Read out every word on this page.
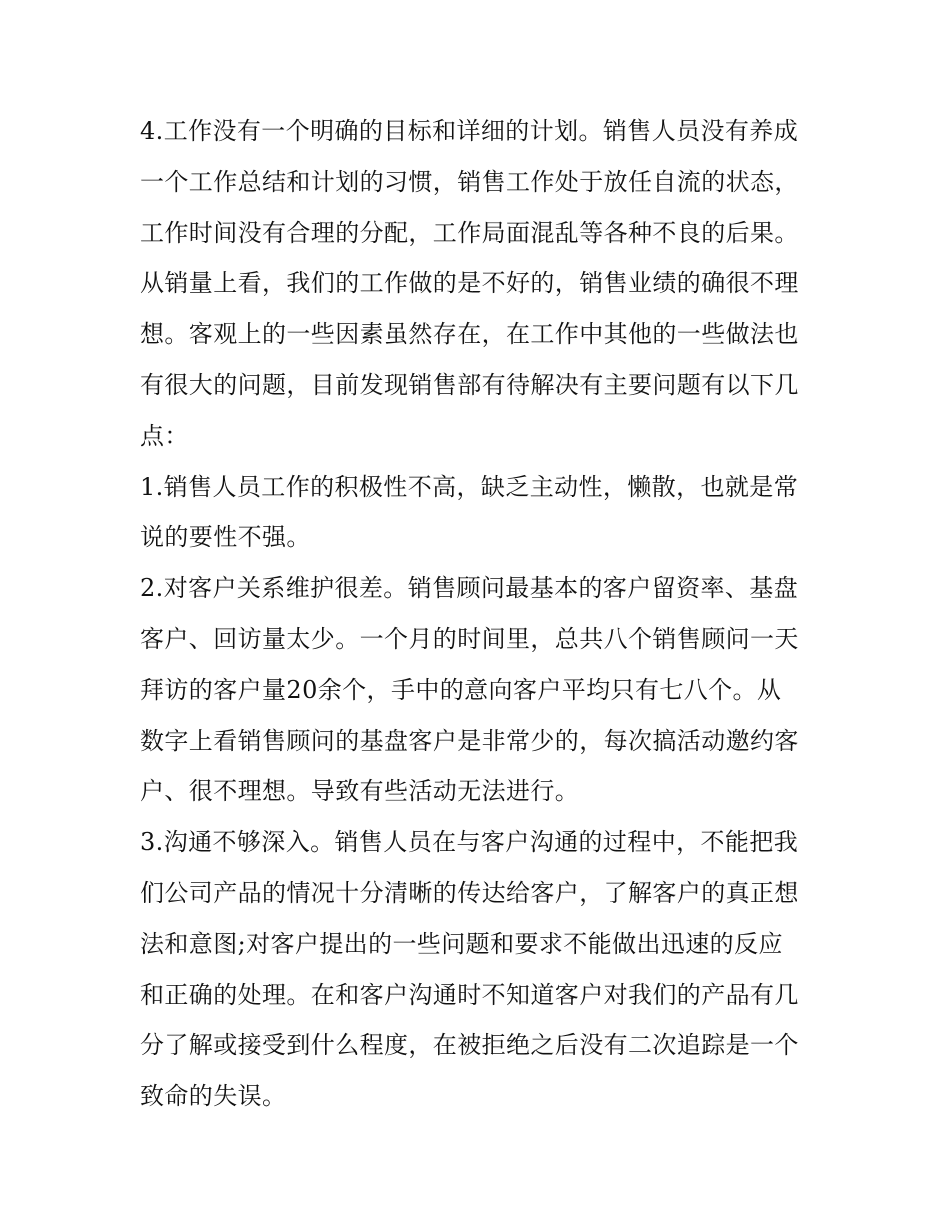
4.工作没有一个明确的目标和详细的计划。销售人员没有养成
一个工作总结和计划的习惯，销售工作处于放任自流的状态，
工作时间没有合理的分配，工作局面混乱等各种不良的后果。
从销量上看，我们的工作做的是不好的，销售业绩的确很不理
想。客观上的一些因素虽然存在，在工作中其他的一些做法也
有很大的问题，目前发现销售部有待解决有主要问题有以下几
点：

1.销售人员工作的积极性不高，缺乏主动性，懒散，也就是常
说的要性不强。

2.对客户关系维护很差。销售顾问最基本的客户留资率、基盘
客户、回访量太少。一个月的时间里，总共八个销售顾问一天
拜访的客户量20余个，手中的意向客户平均只有七八个。从
数字上看销售顾问的基盘客户是非常少的，每次搞活动邀约客
户、很不理想。导致有些活动无法进行。

3.沟通不够深入。销售人员在与客户沟通的过程中，不能把我
们公司产品的情况十分清晰的传达给客户，了解客户的真正想
法和意图;对客户提出的一些问题和要求不能做出迅速的反应
和正确的处理。在和客户沟通时不知道客户对我们的产品有几
分了解或接受到什么程度，在被拒绝之后没有二次追踪是一个
致命的失误。
